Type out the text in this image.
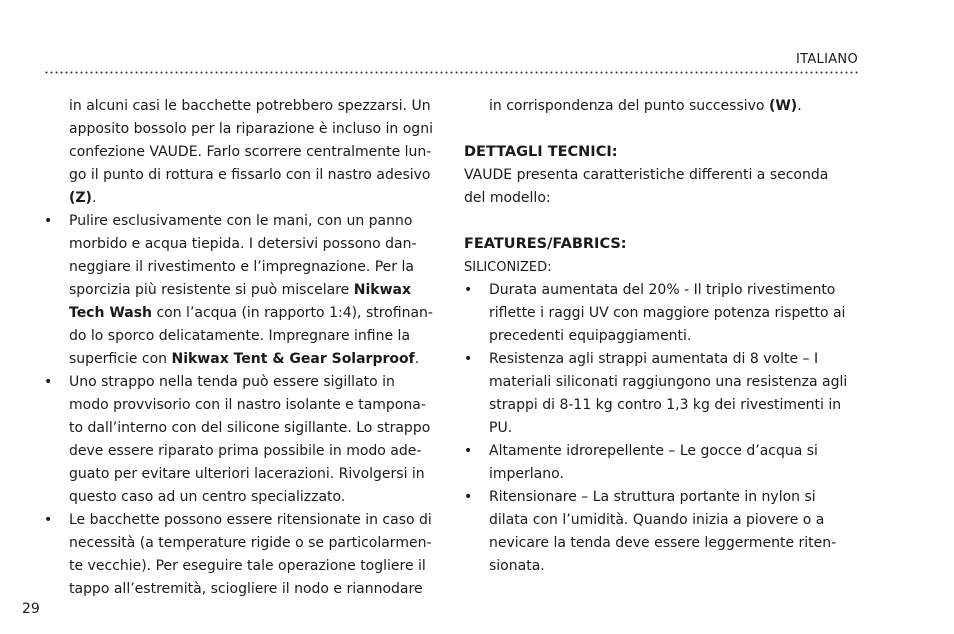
ITALIANO
in alcuni casi le bacchette potrebbero spezzarsi. Un
apposito bossolo per la riparazione è incluso in ogni
confezione VAUDE. Farlo scorrere centralmente lun-
go il punto di rottura e fissarlo con il nastro adesivo
(Z).
•	Pulire esclusivamente con le mani, con un panno
morbido e acqua tiepida. I detersivi possono dan-
neggiare il rivestimento e l’impregnazione. Per la
sporcizia più resistente si può miscelare Nikwax
Tech Wash con l’acqua (in rapporto 1:4), strofinan-
do lo sporco delicatamente. Impregnare infine la
superficie con Nikwax Tent & Gear Solarproof.
•	Uno strappo nella tenda può essere sigillato in
modo provvisorio con il nastro isolante e tampona-
to dall’interno con del silicone sigillante. Lo strappo
deve essere riparato prima possibile in modo ade-
guato per evitare ulteriori lacerazioni. Rivolgersi in
questo caso ad un centro specializzato.
•	Le bacchette possono essere ritensionate in caso di
necessità (a temperature rigide o se particolarmen-
te vecchie). Per eseguire tale operazione togliere il
tappo all’estremità, sciogliere il nodo e riannodare
in corrispondenza del punto successivo (W).

DETTAGLI TECNICI:

VAUDE presenta caratteristiche differenti a seconda
del modello:

FEATURES/FABRICS:

SILICONIZED:

•	Durata aumentata del 20% - Il triplo rivestimento
riflette i raggi UV con maggiore potenza rispetto ai
precedenti equipaggiamenti.
•	Resistenza agli strappi aumentata di 8 volte – I
materiali siliconati raggiungono una resistenza agli
strappi di 8-11 kg contro 1,3 kg dei rivestimenti in
PU.
•	Altamente idrorepellente – Le gocce d’acqua si
imperlano.
•	Ritensionare – La struttura portante in nylon si
dilata con l’umidità. Quando inizia a piovere o a
nevicare la tenda deve essere leggermente riten-
sionata.
29
